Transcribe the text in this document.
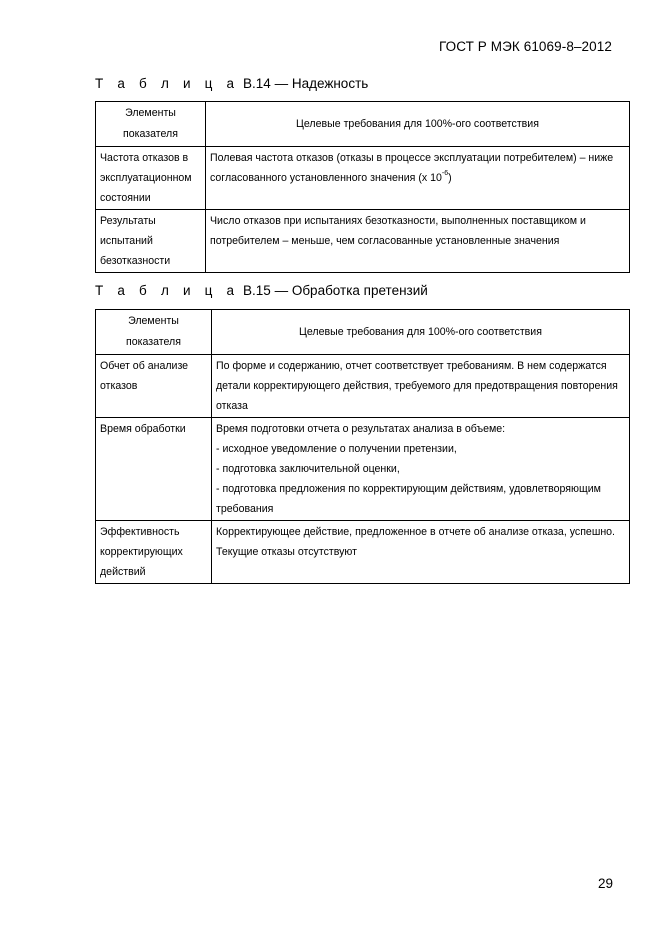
ГОСТ Р МЭК 61069-8–2012
Т а б л и ц а B.14 — Надежность
Элементы показателя	Целевые требования для 100%-ого соответствия
Частота отказов в эксплуатационном состоянии	Полевая частота отказов (отказы в процессе эксплуатации потребителем) – ниже согласованного установленного значения (х $10^{-6}$)
Результаты испытаний безотказности	Число отказов при испытаниях безотказности, выполненных поставщиком и потребителем – меньше, чем согласованные установленные значения
Т а б л и ц а B.15 — Обработка претензий
Элементы показателя	Целевые требования для 100%-ого соответствия
Обчет об анализе отказов	По форме и содержанию, отчет соответствует требованиям. В нем содержатся детали корректирующего действия, требуемого для предотвращения повторения отказа
Время обработки	Время подготовки отчета о результатах анализа в объеме:
- исходное уведомление о получении претензии,
- подготовка заключительной оценки,
- подготовка предложения по корректирующим действиям, удовлетворяющим требования

Эффективность корректирующих действий	Корректирующее действие, предложенное в отчете об анализе отказа, успешно. Текущие отказы отсутствуют
29
